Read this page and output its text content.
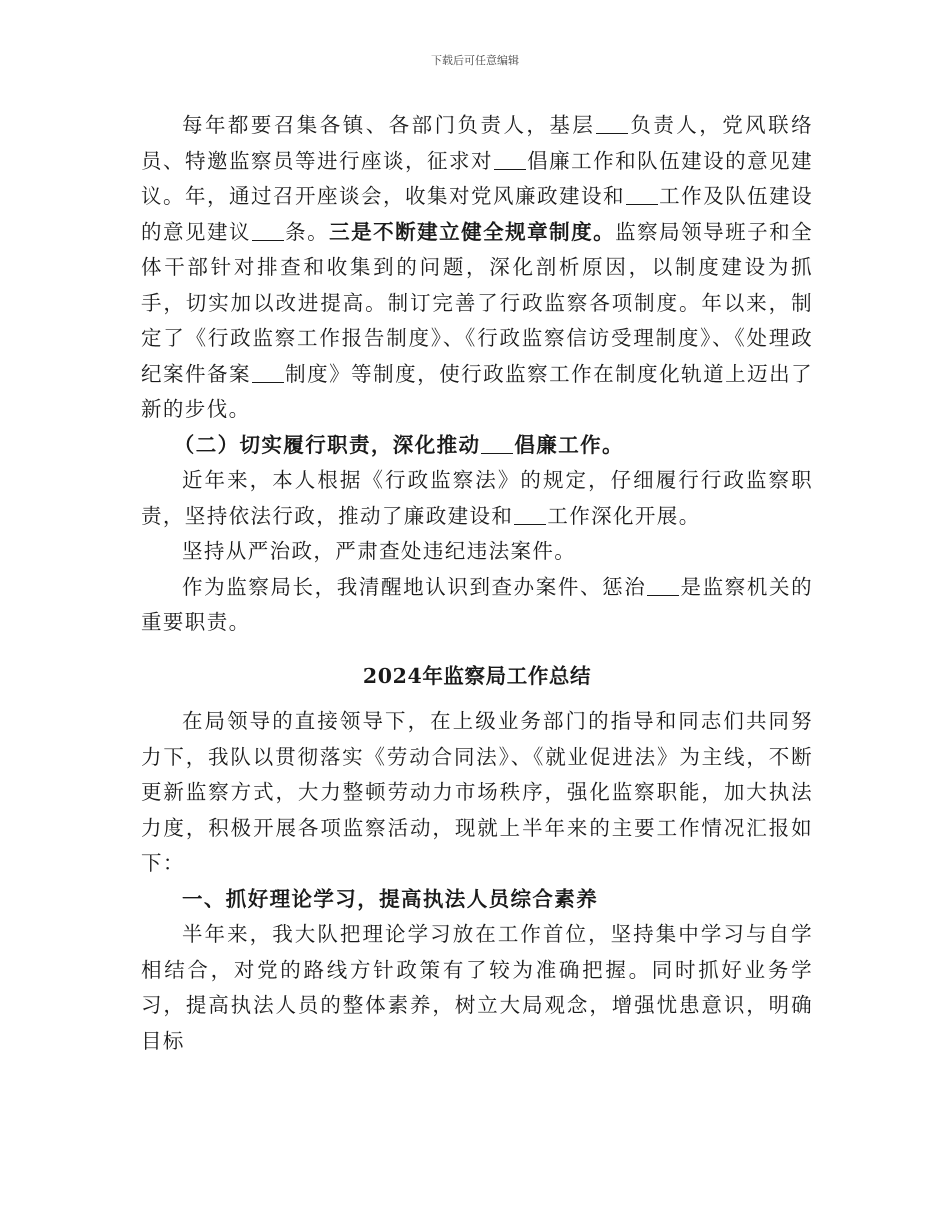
下载后可任意编辑

每年都要召集各镇、各部门负责人，基层 负责人，党风联络员、特邀监察员等进行座谈，征求对 倡廉工作和队伍建设的意见建议。年，通过召开座谈会，收集对党风廉政建设和 工作及队伍建设的意见建议 条。三是不断建立健全规章制度。监察局领导班子和全体干部针对排查和收集到的问题，深化剖析原因，以制度建设为抓手，切实加以改进提高。制订完善了行政监察各项制度。年以来，制定了《行政监察工作报告制度》、《行政监察信访受理制度》、《处理政纪案件备案 制度》等制度，使行政监察工作在制度化轨道上迈出了新的步伐。

（二）切实履行职责，深化推动 倡廉工作。

近年来，本人根据《行政监察法》的规定，仔细履行行政监察职责，坚持依法行政，推动了廉政建设和 工作深化开展。

坚持从严治政，严肃查处违纪违法案件。

作为监察局长，我清醒地认识到查办案件、惩治 是监察机关的重要职责。

2024年监察局工作总结

在局领导的直接领导下，在上级业务部门的指导和同志们共同努力下，我队以贯彻落实《劳动合同法》、《就业促进法》为主线，不断更新监察方式，大力整顿劳动力市场秩序，强化监察职能，加大执法力度，积极开展各项监察活动，现就上半年来的主要工作情况汇报如下：

一、抓好理论学习，提高执法人员综合素养

半年来，我大队把理论学习放在工作首位，坚持集中学习与自学相结合，对党的路线方针政策有了较为准确把握。同时抓好业务学习，提高执法人员的整体素养，树立大局观念，增强忧患意识，明确目标
